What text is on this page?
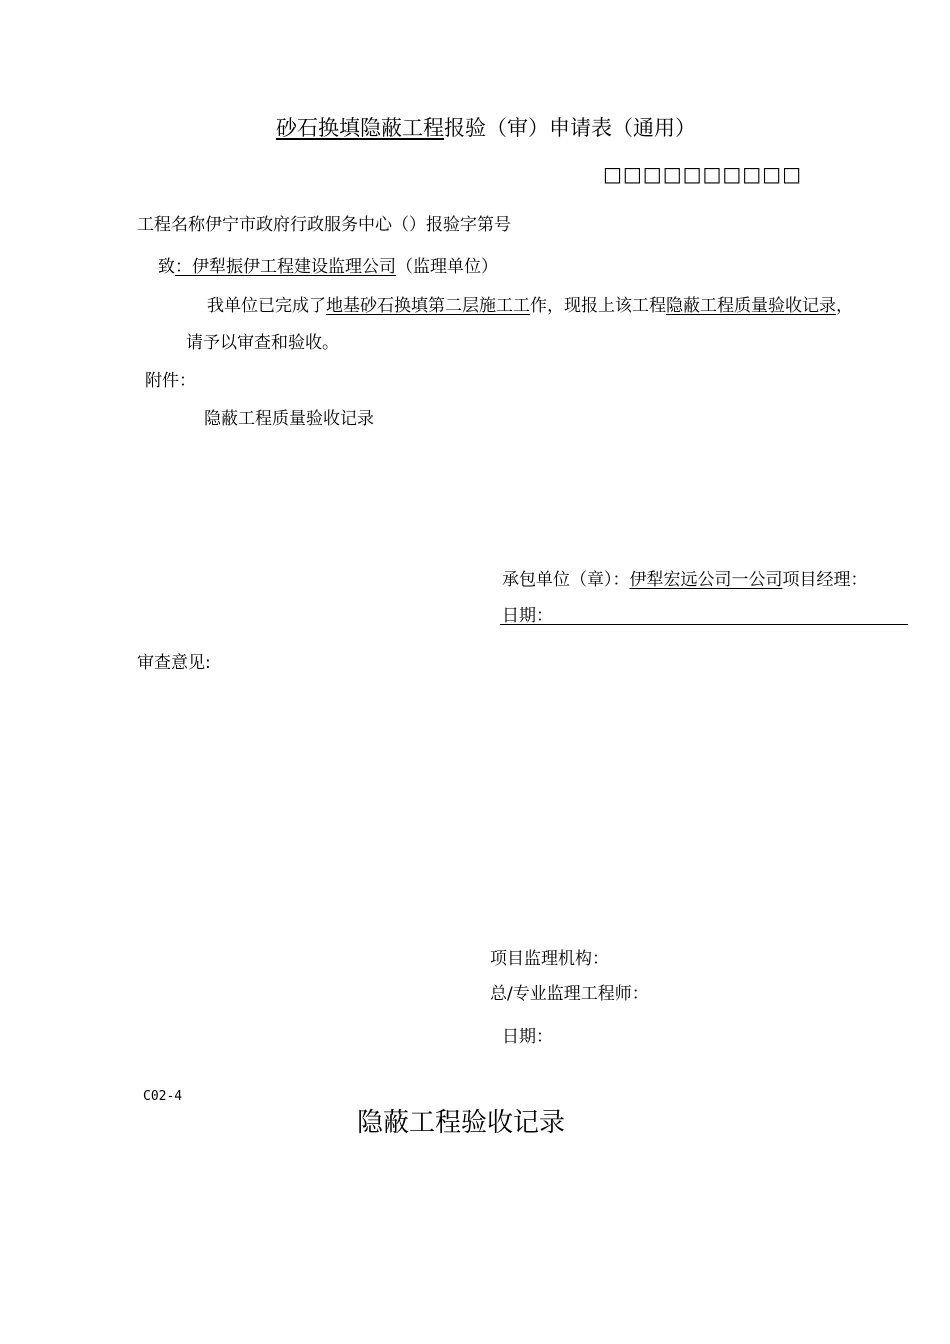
砂石换填隐蔽工程报验（审）申请表（通用）
□□□□□□□□□□
工程名称伊宁市政府行政服务中心（）报验字第号
致：伊犁振伊工程建设监理公司（监理单位）
我单位已完成了地基砂石换填第二层施工工作，现报上该工程隐蔽工程质量验收记录，
请予以审查和验收。
附件：
隐蔽工程质量验收记录
承包单位（章）：伊犁宏远公司一公司项目经理：
日期：
审查意见:
项目监理机构：
总/专业监理工程师：
日期：
C02-4
隐蔽工程验收记录
